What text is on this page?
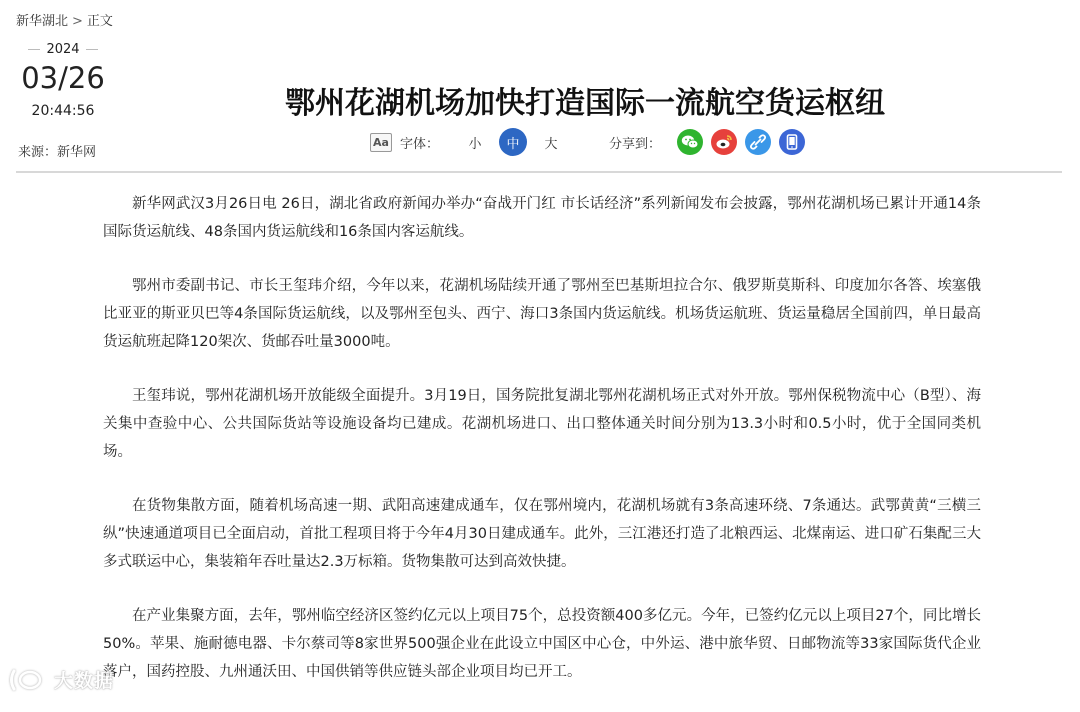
新华湖北 > 正文
2024
03/26
20:44:56
来源：新华网
鄂州花湖机场加快打造国际一流航空货运枢纽
Aa 字体：	小	中	大	分享到：

新华网武汉3月26日电 26日，湖北省政府新闻办举办“奋战开门红 市长话经济”系列新闻发布会披露，鄂州花湖机场已累计开通14条国际货运航线、48条国内货运航线和16条国内客运航线。

鄂州市委副书记、市长王玺玮介绍，今年以来，花湖机场陆续开通了鄂州至巴基斯坦拉合尔、俄罗斯莫斯科、印度加尔各答、埃塞俄比亚亚的斯亚贝巴等4条国际货运航线，以及鄂州至包头、西宁、海口3条国内货运航线。机场货运航班、货运量稳居全国前四，单日最高货运航班起降120架次、货邮吞吐量3000吨。

王玺玮说，鄂州花湖机场开放能级全面提升。3月19日，国务院批复湖北鄂州花湖机场正式对外开放。鄂州保税物流中心（B型）、海关集中查验中心、公共国际货站等设施设备均已建成。花湖机场进口、出口整体通关时间分别为13.3小时和0.5小时，优于全国同类机场。

在货物集散方面，随着机场高速一期、武阳高速建成通车，仅在鄂州境内，花湖机场就有3条高速环绕、7条通达。武鄂黄黄“三横三纵”快速通道项目已全面启动，首批工程项目将于今年4月30日建成通车。此外，三江港还打造了北粮西运、北煤南运、进口矿石集配三大多式联运中心，集装箱年吞吐量达2.3万标箱。货物集散可达到高效快捷。

在产业集聚方面，去年，鄂州临空经济区签约亿元以上项目75个，总投资额400多亿元。今年，已签约亿元以上项目27个，同比增长50%。苹果、施耐德电器、卡尔蔡司等8家世界500强企业在此设立中国区中心仓，中外运、港中旅华贸、日邮物流等33家国际货代企业落户，国药控股、九州通沃田、中国供销等供应链头部企业项目均已开工。

大数据
